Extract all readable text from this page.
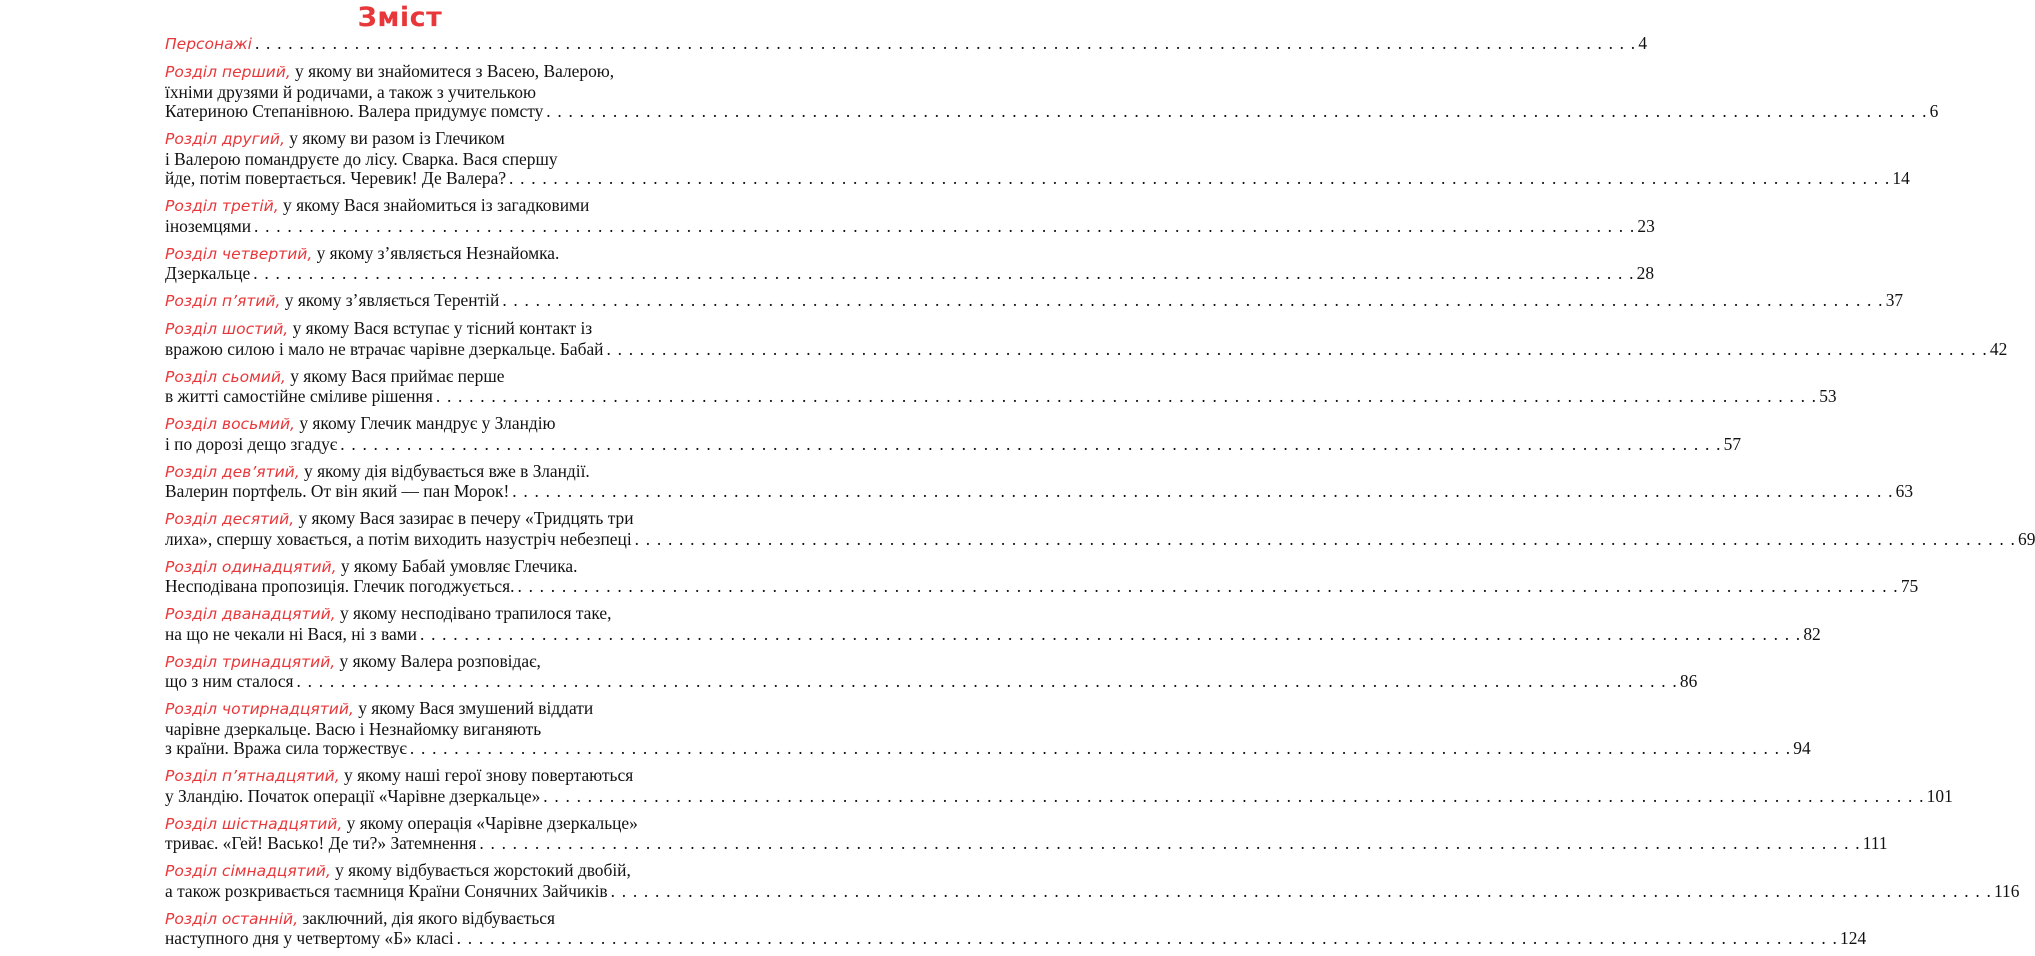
Зміст
Персонажі . . .	4
Розділ перший, у якому ви знайомитеся з Васею, Валерою,
їхніми друзями й родичами, а також з учителькою
Катериною Степанівною. Валера придумує помсту . . .	6
Розділ другий, у якому ви разом із Глечиком
і Валерою помандруєте до лісу. Сварка. Вася спершу
йде, потім повертається. Черевик! Де Валера? . . .	14
Розділ третій, у якому Вася знайомиться із загадковими
іноземцями . . .	23
Розділ четвертий, у якому з’являється Незнайомка.
Дзеркальце . . .	28
Розділ п’ятий, у якому з’являється Терентій . . .	37
Розділ шостий, у якому Вася вступає у тісний контакт із
вражою силою і мало не втрачає чарівне дзеркальце. Бабай . . .	42
Розділ сьомий, у якому Вася приймає перше
в житті самостійне сміливе рішення . . .	53
Розділ восьмий, у якому Глечик мандрує у Зландію
і по дорозі дещо згадує . . .	57
Розділ дев’ятий, у якому дія відбувається вже в Зландії.
Валерин портфель. От він який — пан Морок! . . .	63
Розділ десятий, у якому Вася зазирає в печеру «Тридцять три
лиха», спершу ховається, а потім виходить назустріч небезпеці . . .	69
Розділ одинадцятий, у якому Бабай умовляє Глечика.
Несподівана пропозиція. Глечик погоджується. . . .	75
Розділ дванадцятий, у якому несподівано трапилося таке,
на що не чекали ні Вася, ні з вами . . .	82
Розділ тринадцятий, у якому Валера розповідає,
що з ним сталося . . .	86
Розділ чотирнадцятий, у якому Вася змушений віддати
чарівне дзеркальце. Васю і Незнайомку виганяють
з країни. Вража сила торжествує . . .	94
Розділ п’ятнадцятий, у якому наші герої знову повертаються
у Зландію. Початок операції «Чарівне дзеркальце» . . .	101
Розділ шістнадцятий, у якому операція «Чарівне дзеркальце»
триває. «Гей! Васько! Де ти?» Затемнення . . .	111
Розділ сімнадцятий, у якому відбувається жорстокий двобій,
а також розкривається таємниця Країни Сонячних Зайчиків . . .	116
Розділ останній, заключний, дія якого відбувається
наступного дня у четвертому «Б» класі . . .	124
